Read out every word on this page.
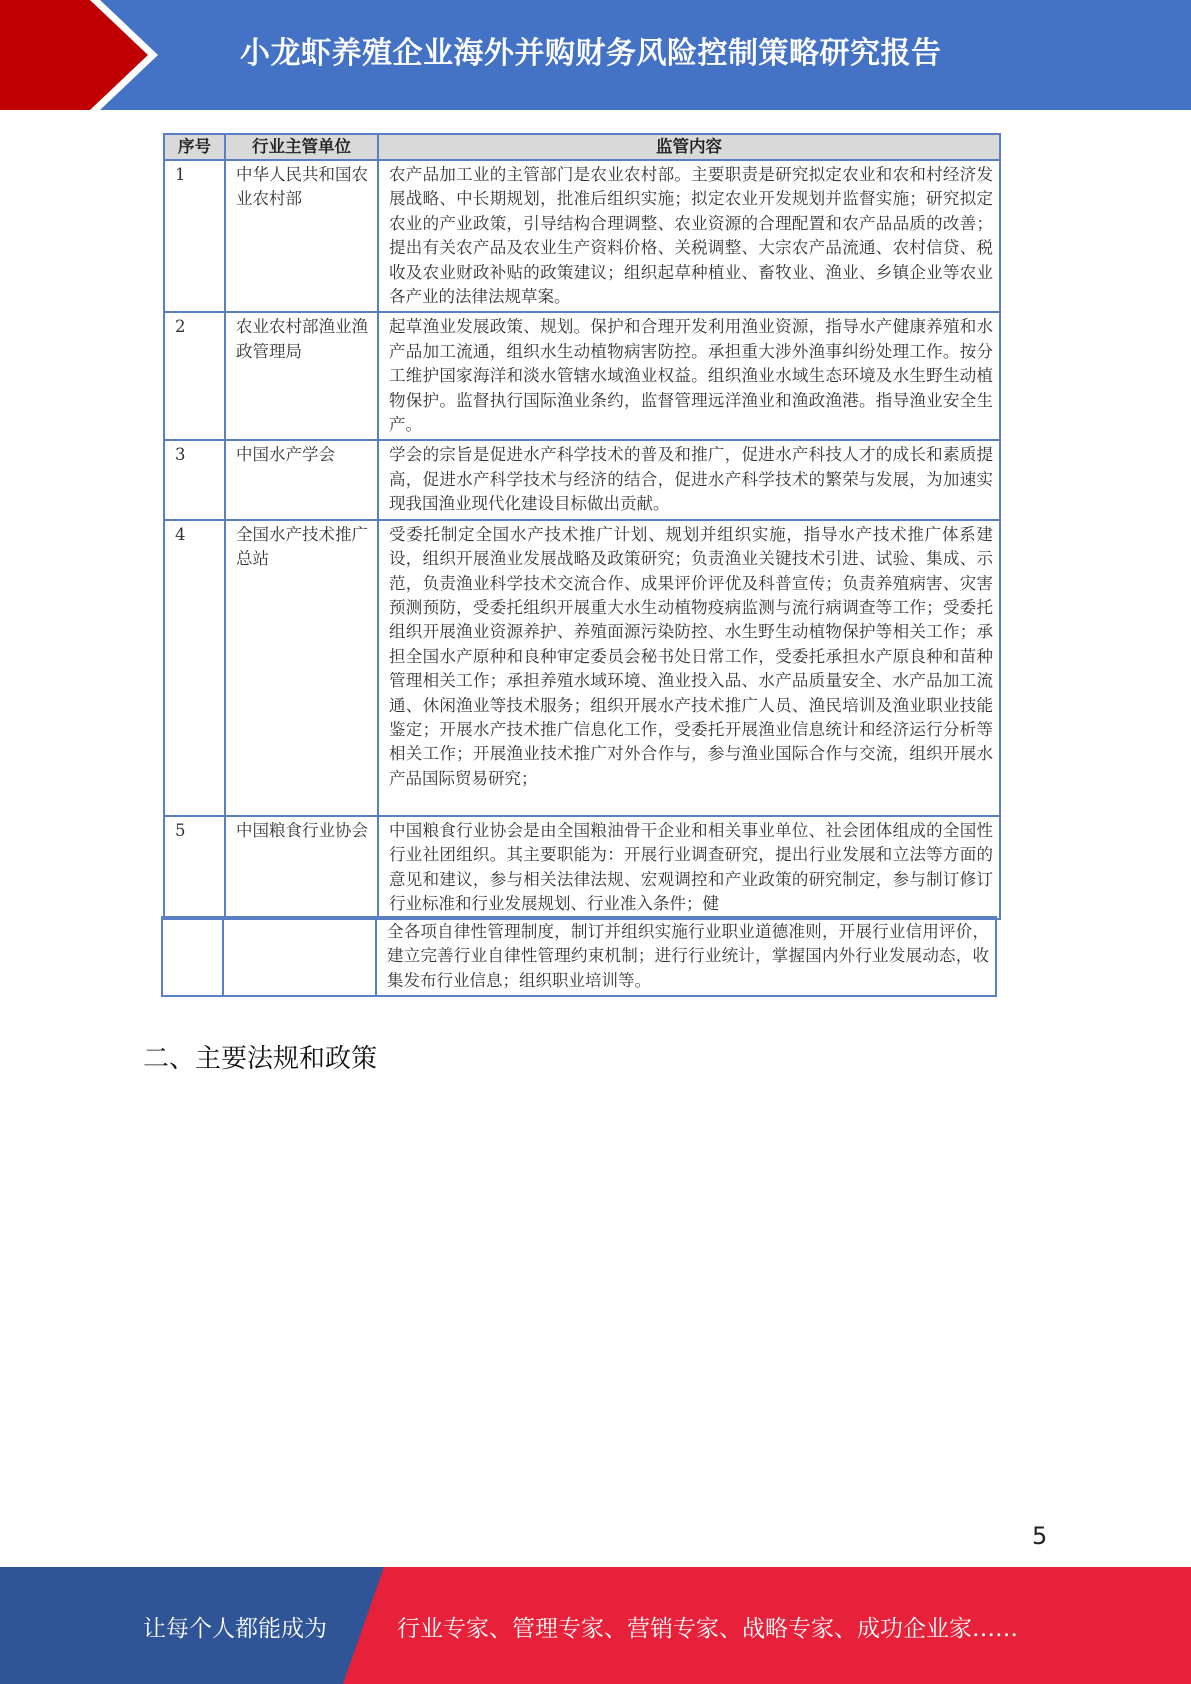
小龙虾养殖企业海外并购财务风险控制策略研究报告
序号	行业主管单位	监管内容
1	中华人民共和国农业农村部	农产品加工业的主管部门是农业农村部。主要职责是研究拟定农业和农和村经济发展战略、中长期规划，批准后组织实施；拟定农业开发规划并监督实施；研究拟定农业的产业政策，引导结构合理调整、农业资源的合理配置和农产品品质的改善；提出有关农产品及农业生产资料价格、关税调整、大宗农产品流通、农村信贷、税收及农业财政补贴的政策建议；组织起草种植业、畜牧业、渔业、乡镇企业等农业各产业的法律法规草案。
2	农业农村部渔业渔政管理局	起草渔业发展政策、规划。保护和合理开发利用渔业资源，指导水产健康养殖和水产品加工流通，组织水生动植物病害防控。承担重大涉外渔事纠纷处理工作。按分工维护国家海洋和淡水管辖水域渔业权益。组织渔业水域生态环境及水生野生动植物保护。监督执行国际渔业条约，监督管理远洋渔业和渔政渔港。指导渔业安全生产。
3	中国水产学会	学会的宗旨是促进水产科学技术的普及和推广，促进水产科技人才的成长和素质提高，促进水产科学技术与经济的结合，促进水产科学技术的繁荣与发展，为加速实现我国渔业现代化建设目标做出贡献。
4	全国水产技术推广总站	受委托制定全国水产技术推广计划、规划并组织实施，指导水产技术推广体系建设，组织开展渔业发展战略及政策研究；负责渔业关键技术引进、试验、集成、示范，负责渔业科学技术交流合作、成果评价评优及科普宣传；负责养殖病害、灾害预测预防，受委托组织开展重大水生动植物疫病监测与流行病调查等工作；受委托组织开展渔业资源养护、养殖面源污染防控、水生野生动植物保护等相关工作；承担全国水产原种和良种审定委员会秘书处日常工作，受委托承担水产原良种和苗种管理相关工作；承担养殖水域环境、渔业投入品、水产品质量安全、水产品加工流通、休闲渔业等技术服务；组织开展水产技术推广人员、渔民培训及渔业职业技能鉴定；开展水产技术推广信息化工作，受委托开展渔业信息统计和经济运行分析等相关工作；开展渔业技术推广对外合作与，参与渔业国际合作与交流，组织开展水产品国际贸易研究；
5	中国粮食行业协会	中国粮食行业协会是由全国粮油骨干企业和相关事业单位、社会团体组成的全国性行业社团组织。其主要职能为：开展行业调查研究，提出行业发展和立法等方面的意见和建议，参与相关法律法规、宏观调控和产业政策的研究制定，参与制订修订行业标准和行业发展规划、行业准入条件；健
		全各项自律性管理制度，制订并组织实施行业职业道德准则，开展行业信用评价，建立完善行业自律性管理约束机制；进行行业统计，掌握国内外行业发展动态，收集发布行业信息；组织职业培训等。
二、主要法规和政策
5
让每个人都能成为	行业专家、管理专家、营销专家、战略专家、成功企业家……
